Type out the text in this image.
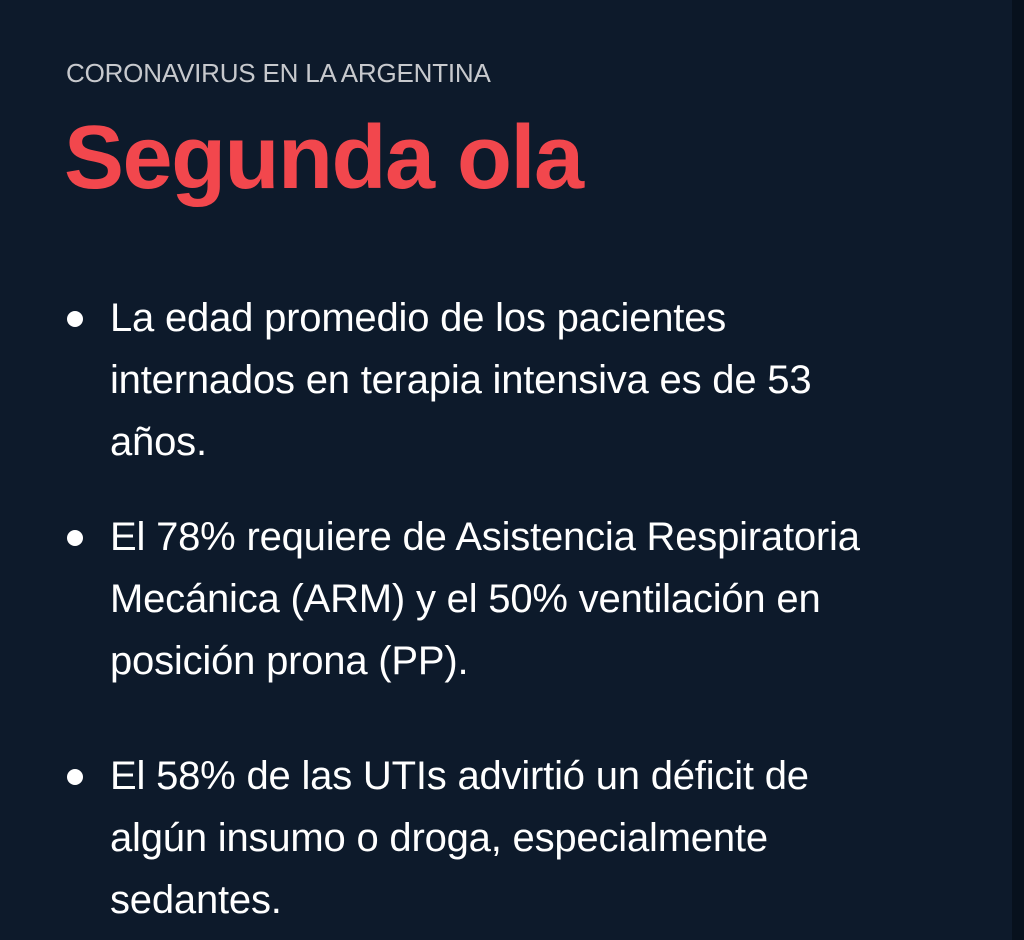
CORONAVIRUS EN LA ARGENTINA
Segunda ola
La edad promedio de los pacientes
internados en terapia intensiva es de 53
años.
El 78% requiere de Asistencia Respiratoria
Mecánica (ARM) y el 50% ventilación en
posición prona (PP).
El 58% de las UTIs advirtió un déficit de
algún insumo o droga, especialmente
sedantes.
